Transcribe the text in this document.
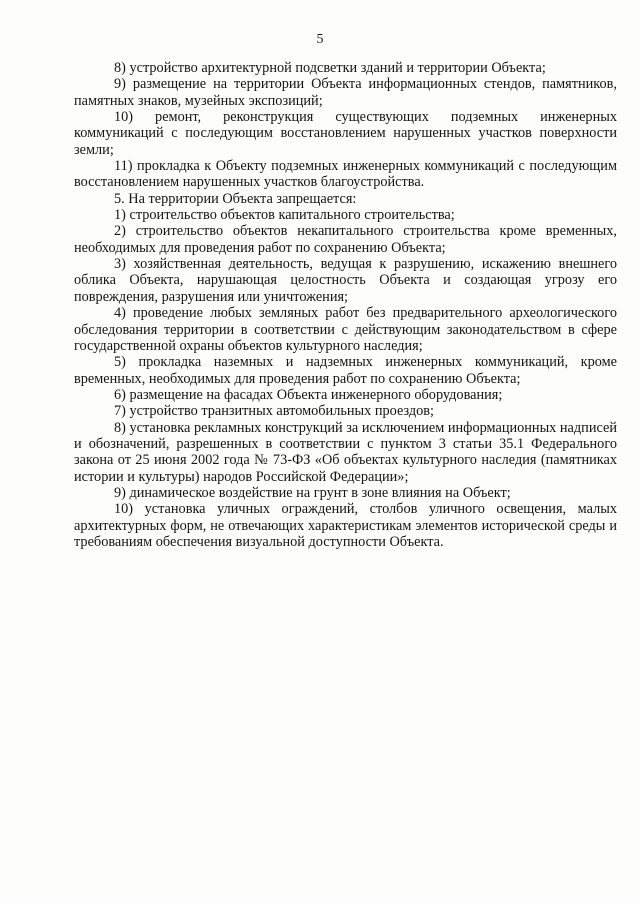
5

8) устройство архитектурной подсветки зданий и территории Объекта;

9) размещение на территории Объекта информационных стендов, памятников, памятных знаков, музейных экспозиций;

10) ремонт, реконструкция существующих подземных инженерных коммуникаций с последующим восстановлением нарушенных участков поверхности земли;

11) прокладка к Объекту подземных инженерных коммуникаций с последующим восстановлением нарушенных участков благоустройства.

5. На территории Объекта запрещается:

1) строительство объектов капитального строительства;

2) строительство объектов некапитального строительства кроме временных, необходимых для проведения работ по сохранению Объекта;

3) хозяйственная деятельность, ведущая к разрушению, искажению внешнего облика Объекта, нарушающая целостность Объекта и создающая угрозу его повреждения, разрушения или уничтожения;

4) проведение любых земляных работ без предварительного археологического обследования территории в соответствии с действующим законодательством в сфере государственной охраны объектов культурного наследия;

5) прокладка наземных и надземных инженерных коммуникаций, кроме временных, необходимых для проведения работ по сохранению Объекта;

6) размещение на фасадах Объекта инженерного оборудования;

7) устройство транзитных автомобильных проездов;

8) установка рекламных конструкций за исключением информационных надписей и обозначений, разрешенных в соответствии с пунктом 3 статьи 35.1 Федерального закона от 25 июня 2002 года № 73-ФЗ «Об объектах культурного наследия (памятниках истории и культуры) народов Российской Федерации»;

9) динамическое воздействие на грунт в зоне влияния на Объект;

10) установка уличных ограждений, столбов уличного освещения, малых архитектурных форм, не отвечающих характеристикам элементов исторической среды и требованиям обеспечения визуальной доступности Объекта.
